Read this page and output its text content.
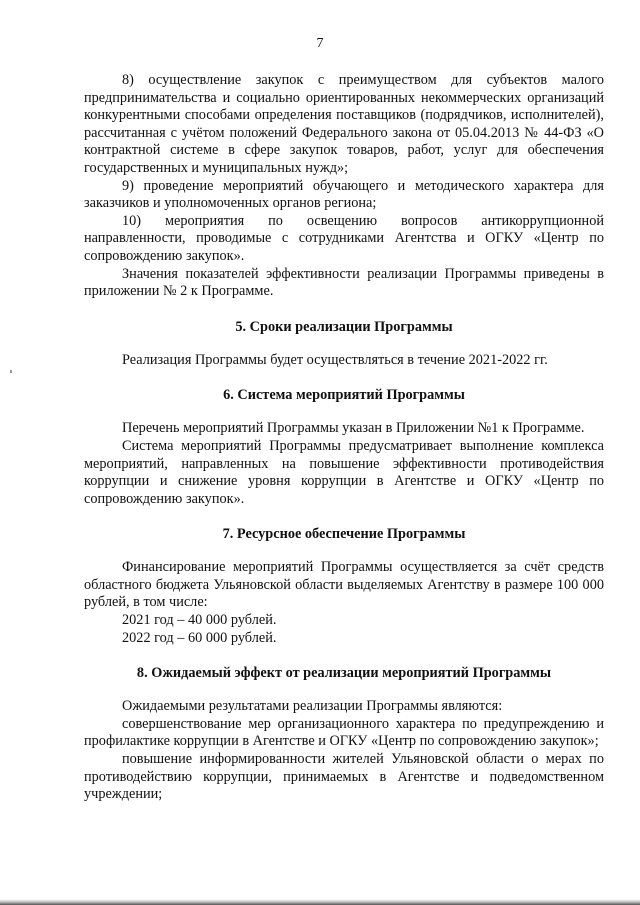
7

8) осуществление закупок с преимуществом для субъектов малого предпринимательства и социально ориентированных некоммерческих организаций конкурентными способами определения поставщиков (подрядчиков, исполнителей), рассчитанная с учётом положений Федерального закона от 05.04.2013 № 44-ФЗ «О контрактной системе в сфере закупок товаров, работ, услуг для обеспечения государственных и муниципальных нужд»;

9) проведение мероприятий обучающего и методического характера для заказчиков и уполномоченных органов региона;

10) мероприятия по освещению вопросов антикоррупционной направленности, проводимые с сотрудниками Агентства и ОГКУ «Центр по сопровождению закупок».

Значения показателей эффективности реализации Программы приведены в приложении № 2 к Программе.

5. Сроки реализации Программы

Реализация Программы будет осуществляться в течение 2021-2022 гг.

6. Система мероприятий Программы

Перечень мероприятий Программы указан в Приложении №1 к Программе.

Система мероприятий Программы предусматривает выполнение комплекса мероприятий, направленных на повышение эффективности противодействия коррупции и снижение уровня коррупции в Агентстве и ОГКУ «Центр по сопровождению закупок».

7. Ресурсное обеспечение Программы

Финансирование мероприятий Программы осуществляется за счёт средств областного бюджета Ульяновской области выделяемых Агентству в размере 100 000 рублей, в том числе:

2021 год – 40 000 рублей.

2022 год – 60 000 рублей.

8. Ожидаемый эффект от реализации мероприятий Программы

Ожидаемыми результатами реализации Программы являются:

совершенствование мер организационного характера по предупреждению и профилактике коррупции в Агентстве и ОГКУ «Центр по сопровождению закупок»;

повышение информированности жителей Ульяновской области о мерах по противодействию коррупции, принимаемых в Агентстве и подведомственном учреждении;
